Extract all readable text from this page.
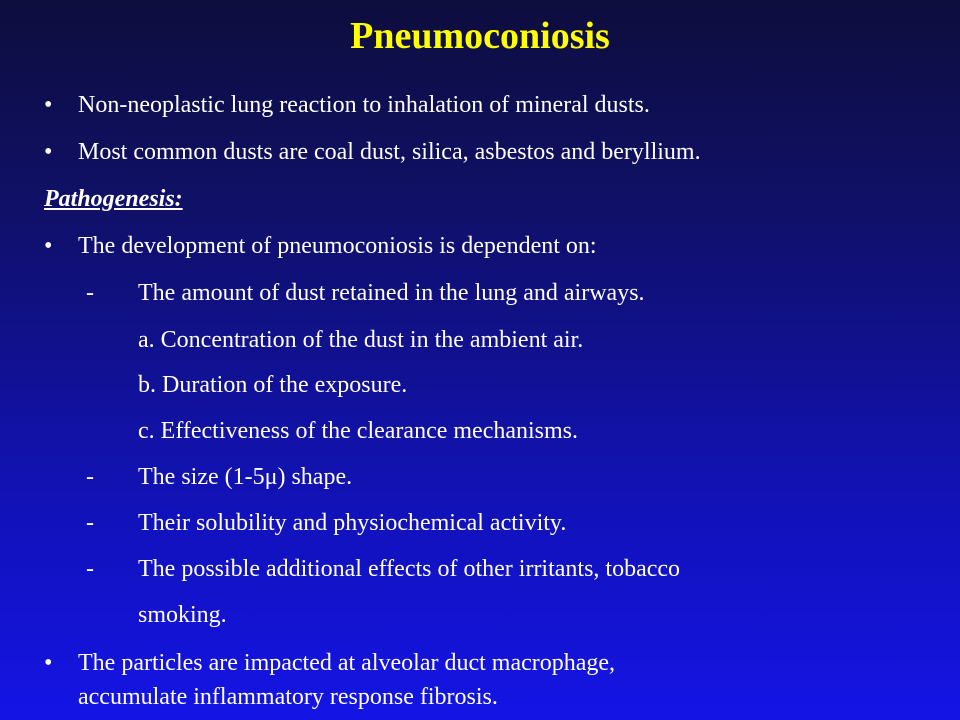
Pneumoconiosis
• Non-neoplastic lung reaction to inhalation of mineral dusts.
• Most common dusts are coal dust, silica, asbestos and beryllium.
Pathogenesis:
• The development of pneumoconiosis is dependent on:
- The amount of dust retained in the lung and airways.
a. Concentration of the dust in the ambient air.
b. Duration of the exposure.
c. Effectiveness of the clearance mechanisms.
- The size (1-5μ) shape.
- Their solubility and physiochemical activity.
- The possible additional effects of other irritants, tobacco
smoking.
• The particles are impacted at alveolar duct macrophage,
accumulate inflammatory response fibrosis.
